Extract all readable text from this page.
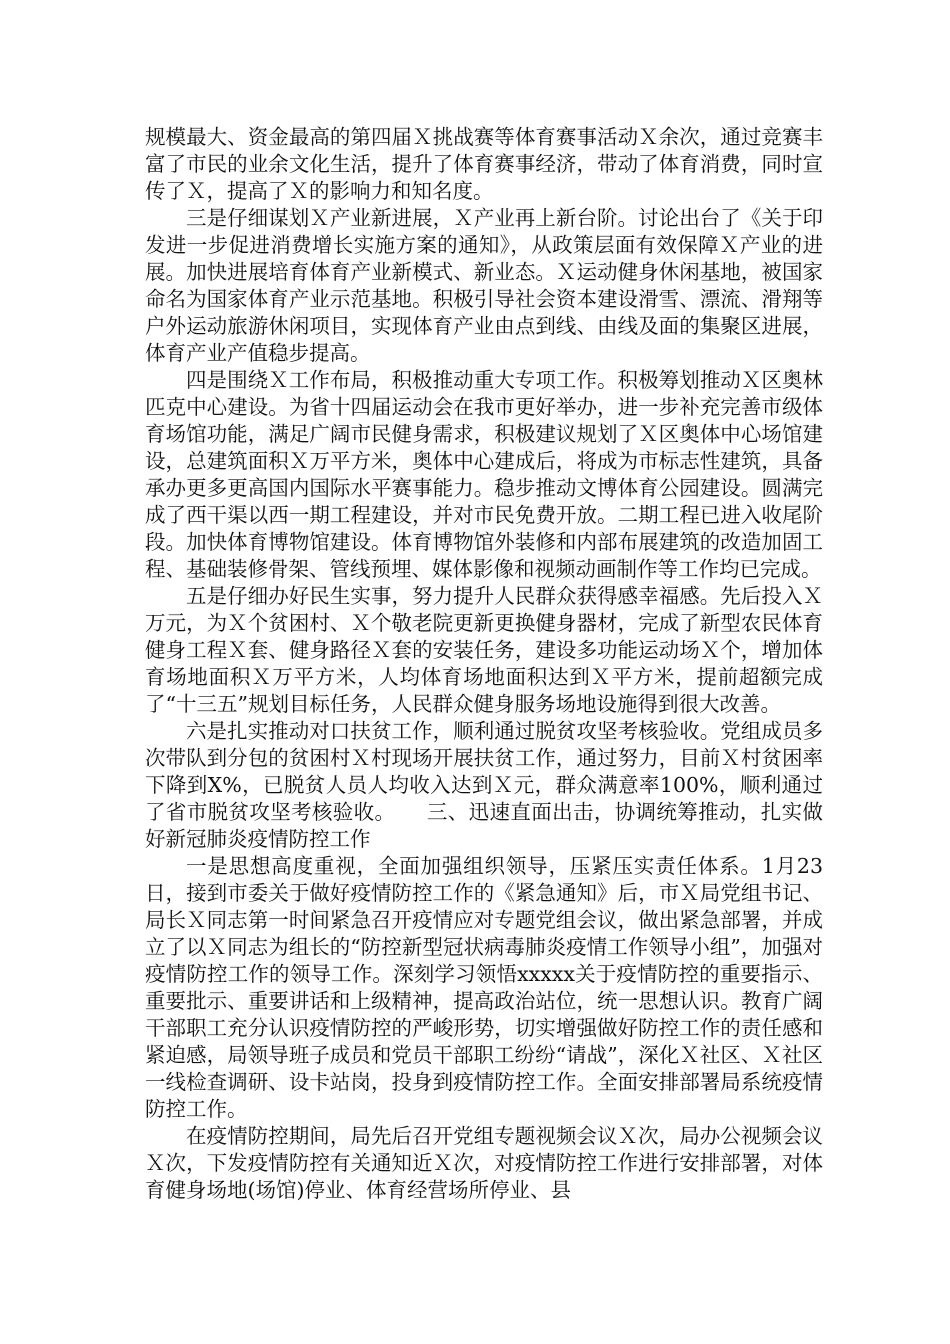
规模最大、资金最高的第四届Ｘ挑战赛等体育赛事活动Ｘ余次，通过竞赛丰富了市民的业余文化生活，提升了体育赛事经济，带动了体育消费，同时宣传了Ｘ，提高了Ｘ的影响力和知名度。

三是仔细谋划Ｘ产业新进展，Ｘ产业再上新台阶。讨论出台了《关于印发进一步促进消费增长实施方案的通知》，从政策层面有效保障Ｘ产业的进展。加快进展培育体育产业新模式、新业态。Ｘ运动健身休闲基地，被国家命名为国家体育产业示范基地。积极引导社会资本建设滑雪、漂流、滑翔等户外运动旅游休闲项目，实现体育产业由点到线、由线及面的集聚区进展，体育产业产值稳步提高。

四是围绕Ｘ工作布局，积极推动重大专项工作。积极筹划推动Ｘ区奥林匹克中心建设。为省十四届运动会在我市更好举办，进一步补充完善市级体育场馆功能，满足广阔市民健身需求，积极建议规划了Ｘ区奥体中心场馆建设，总建筑面积Ｘ万平方米，奥体中心建成后，将成为市标志性建筑，具备承办更多更高国内国际水平赛事能力。稳步推动文博体育公园建设。圆满完成了西干渠以西一期工程建设，并对市民免费开放。二期工程已进入收尾阶段。加快体育博物馆建设。体育博物馆外装修和内部布展建筑的改造加固工程、基础装修骨架、管线预埋、媒体影像和视频动画制作等工作均已完成。

五是仔细办好民生实事，努力提升人民群众获得感幸福感。先后投入Ｘ万元，为Ｘ个贫困村、Ｘ个敬老院更新更换健身器材，完成了新型农民体育健身工程Ｘ套、健身路径Ｘ套的安装任务，建设多功能运动场Ｘ个，增加体育场地面积Ｘ万平方米，人均体育场地面积达到Ｘ平方米，提前超额完成了“十三五”规划目标任务，人民群众健身服务场地设施得到很大改善。

六是扎实推动对口扶贫工作，顺利通过脱贫攻坚考核验收。党组成员多次带队到分包的贫困村Ｘ村现场开展扶贫工作，通过努力，目前Ｘ村贫困率下降到X%，已脱贫人员人均收入达到Ｘ元，群众满意率100%，顺利通过了省市脱贫攻坚考核验收。　　三、迅速直面出击，协调统筹推动，扎实做好新冠肺炎疫情防控工作

一是思想高度重视，全面加强组织领导，压紧压实责任体系。1月23日，接到市委关于做好疫情防控工作的《紧急通知》后，市Ｘ局党组书记、局长Ｘ同志第一时间紧急召开疫情应对专题党组会议，做出紧急部署，并成立了以Ｘ同志为组长的“防控新型冠状病毒肺炎疫情工作领导小组”，加强对疫情防控工作的领导工作。深刻学习领悟xxxxx关于疫情防控的重要指示、重要批示、重要讲话和上级精神，提高政治站位，统一思想认识。教育广阔干部职工充分认识疫情防控的严峻形势，切实增强做好防控工作的责任感和紧迫感，局领导班子成员和党员干部职工纷纷“请战”，深化Ｘ社区、Ｘ社区一线检查调研、设卡站岗，投身到疫情防控工作。全面安排部署局系统疫情防控工作。

在疫情防控期间，局先后召开党组专题视频会议Ｘ次，局办公视频会议Ｘ次，下发疫情防控有关通知近Ｘ次，对疫情防控工作进行安排部署，对体育健身场地(场馆)停业、体育经营场所停业、县
